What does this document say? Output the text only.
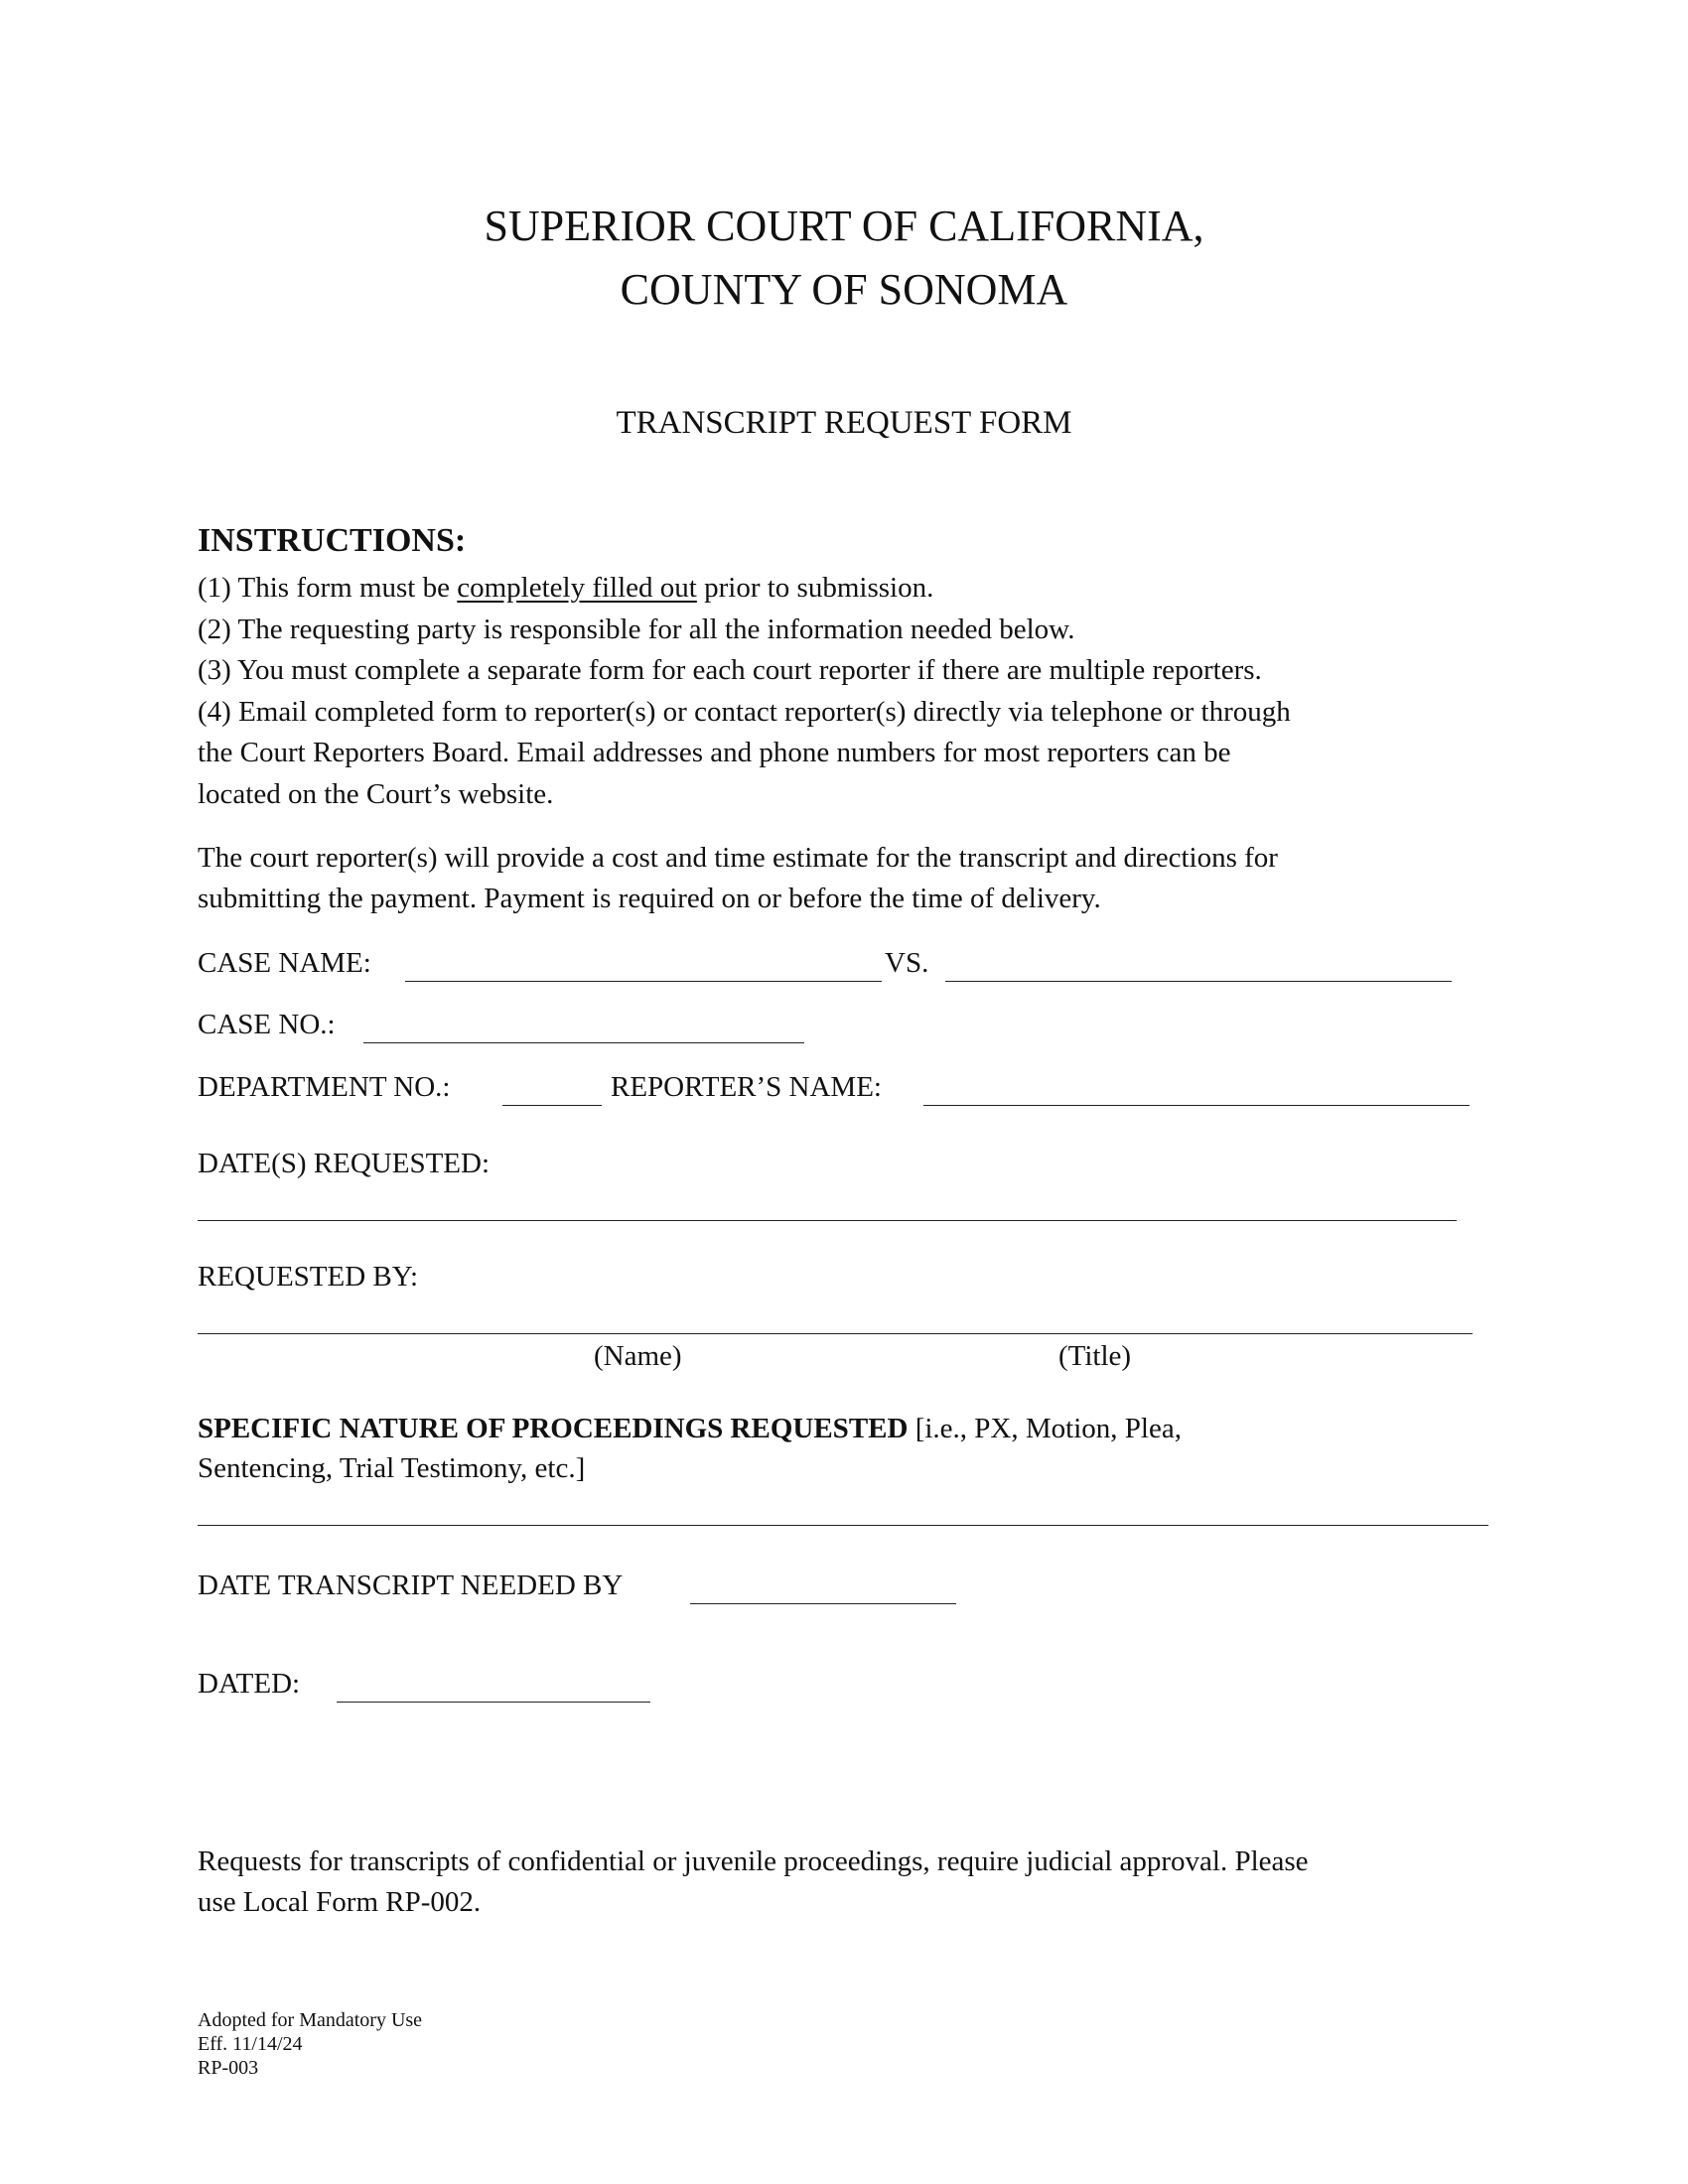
SUPERIOR COURT OF CALIFORNIA,
COUNTY OF SONOMA
TRANSCRIPT REQUEST FORM
INSTRUCTIONS:
(1) This form must be completely filled out prior to submission.
(2) The requesting party is responsible for all the information needed below.
(3) You must complete a separate form for each court reporter if there are multiple reporters.
(4) Email completed form to reporter(s) or contact reporter(s) directly via telephone or through
the Court Reporters Board. Email addresses and phone numbers for most reporters can be
located on the Court’s website.
The court reporter(s) will provide a cost and time estimate for the transcript and directions for
submitting the payment. Payment is required on or before the time of delivery.
CASE NAME:	VS.
CASE NO.:
DEPARTMENT NO.:	REPORTER’S NAME:
DATE(S) REQUESTED:
REQUESTED BY:
(Name)	(Title)
SPECIFIC NATURE OF PROCEEDINGS REQUESTED [i.e., PX, Motion, Plea,
Sentencing, Trial Testimony, etc.]
DATE TRANSCRIPT NEEDED BY
DATED:
Requests for transcripts of confidential or juvenile proceedings, require judicial approval. Please
use Local Form RP-002.
Adopted for Mandatory Use
Eff. 11/14/24
RP-003
